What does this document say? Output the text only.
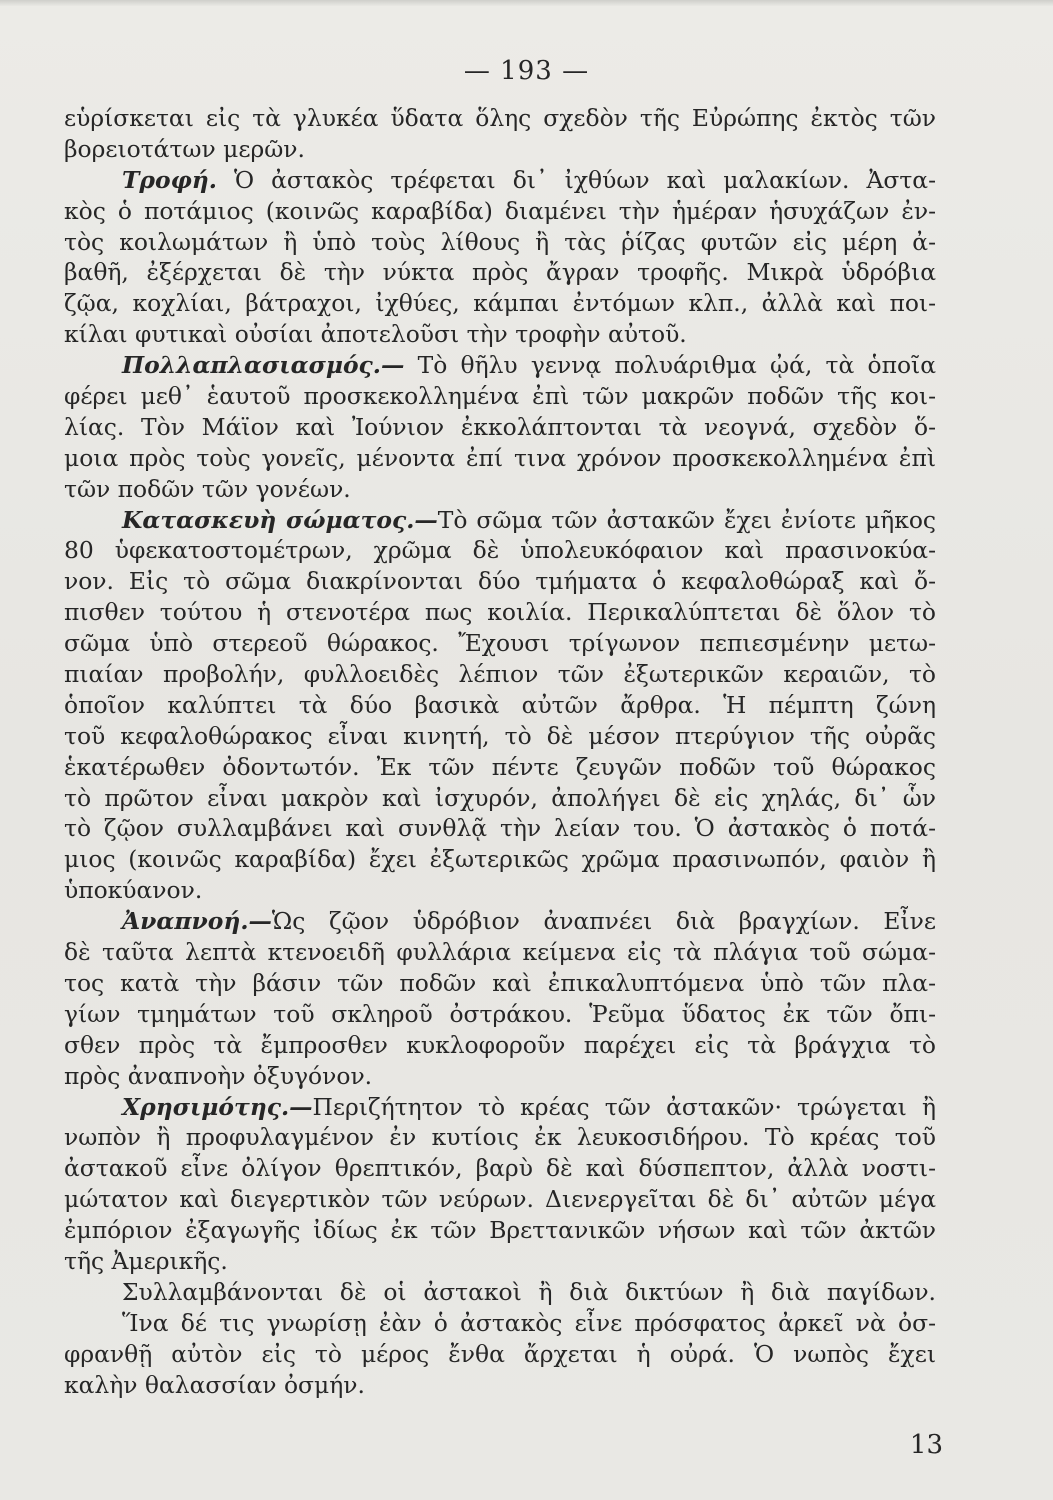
— 193 —
εὑρίσκεται εἰς τὰ γλυκέα ὕδατα ὅλης σχεδὸν τῆς Εὐρώπης ἐκτὸς τῶν
βορειοτάτων μερῶν.
Τροφή. Ὁ ἀστακὸς τρέφεται δι᾽ ἰχθύων καὶ μαλακίων. Ἀστα-
κὸς ὁ ποτάμιος (κοινῶς καραβίδα) διαμένει τὴν ἡμέραν ἡσυχάζων ἐν-
τὸς κοιλωμάτων ἢ ὑπὸ τοὺς λίθους ἢ τὰς ῥίζας φυτῶν εἰς μέρη ἀ-
βαθῆ, ἐξέρχεται δὲ τὴν νύκτα πρὸς ἄγραν τροφῆς. Μικρὰ ὑδρόβια
ζῷα, κοχλίαι, βάτραχοι, ἰχθύες, κάμπαι ἐντόμων κλπ., ἀλλὰ καὶ ποι-
κίλαι φυτικαὶ οὐσίαι ἀποτελοῦσι τὴν τροφὴν αὐτοῦ.
Πολλαπλασιασμός.— Τὸ θῆλυ γεννᾳ πολυάριθμα ᾠά, τὰ ὁποῖα
φέρει μεθ᾽ ἑαυτοῦ προσκεκολλημένα ἐπὶ τῶν μακρῶν ποδῶν τῆς κοι-
λίας. Τὸν Μάϊον καὶ Ἰούνιον ἐκκολάπτονται τὰ νεογνά, σχεδὸν ὅ-
μοια πρὸς τοὺς γονεῖς, μένοντα ἐπί τινα χρόνον προσκεκολλημένα ἐπὶ
τῶν ποδῶν τῶν γονέων.
Κατασκευὴ σώματος.—Τὸ σῶμα τῶν ἀστακῶν ἔχει ἐνίοτε μῆκος
80 ὑφεκατοστομέτρων, χρῶμα δὲ ὑπολευκόφαιον καὶ πρασινοκύα-
νον. Εἰς τὸ σῶμα διακρίνονται δύο τμήματα ὁ κεφαλοθώραξ καὶ ὄ-
πισθεν τούτου ἡ στενοτέρα πως κοιλία. Περικαλύπτεται δὲ ὅλον τὸ
σῶμα ὑπὸ στερεοῦ θώρακος. Ἔχουσι τρίγωνον πεπιεσμένην μετω-
πιαίαν προβολήν, φυλλοειδὲς λέπιον τῶν ἐξωτερικῶν κεραιῶν, τὸ
ὁποῖον καλύπτει τὰ δύο βασικὰ αὐτῶν ἄρθρα. Ἡ πέμπτη ζώνη
τοῦ κεφαλοθώρακος εἶναι κινητή, τὸ δὲ μέσον πτερύγιον τῆς οὐρᾶς
ἑκατέρωθεν ὀδοντωτόν. Ἐκ τῶν πέντε ζευγῶν ποδῶν τοῦ θώρακος
τὸ πρῶτον εἶναι μακρὸν καὶ ἰσχυρόν, ἀπολήγει δὲ εἰς χηλάς, δι᾽ ὧν
τὸ ζῷον συλλαμβάνει καὶ συνθλᾷ τὴν λείαν του. Ὁ ἀστακὸς ὁ ποτά-
μιος (κοινῶς καραβίδα) ἔχει ἐξωτερικῶς χρῶμα πρασινωπόν, φαιὸν ἢ
ὑποκύανον.
Ἀναπνοή.—Ὡς ζῷον ὑδρόβιον ἀναπνέει διὰ βραγχίων. Εἶνε
δὲ ταῦτα λεπτὰ κτενοειδῆ φυλλάρια κείμενα εἰς τὰ πλάγια τοῦ σώμα-
τος κατὰ τὴν βάσιν τῶν ποδῶν καὶ ἐπικαλυπτόμενα ὑπὸ τῶν πλα-
γίων τμημάτων τοῦ σκληροῦ ὀστράκου. Ῥεῦμα ὕδατος ἐκ τῶν ὄπι-
σθεν πρὸς τὰ ἔμπροσθεν κυκλοφοροῦν παρέχει εἰς τὰ βράγχια τὸ
πρὸς ἀναπνοὴν ὀξυγόνον.
Χρησιμότης.—Περιζήτητον τὸ κρέας τῶν ἀστακῶν· τρώγεται ἢ
νωπὸν ἢ προφυλαγμένον ἐν κυτίοις ἐκ λευκοσιδήρου. Τὸ κρέας τοῦ
ἀστακοῦ εἶνε ὀλίγον θρεπτικόν, βαρὺ δὲ καὶ δύσπεπτον, ἀλλὰ νοστι-
μώτατον καὶ διεγερτικὸν τῶν νεύρων. Διενεργεῖται δὲ δι᾽ αὐτῶν μέγα
ἐμπόριον ἐξαγωγῆς ἰδίως ἐκ τῶν Βρεττανικῶν νήσων καὶ τῶν ἀκτῶν
τῆς Ἀμερικῆς.
Συλλαμβάνονται δὲ οἱ ἀστακοὶ ἢ διὰ δικτύων ἢ διὰ παγίδων.
Ἵνα δέ τις γνωρίσῃ ἐὰν ὁ ἀστακὸς εἶνε πρόσφατος ἀρκεῖ νὰ ὀσ-
φρανθῇ αὐτὸν εἰς τὸ μέρος ἔνθα ἄρχεται ἡ οὐρά. Ὁ νωπὸς ἔχει
καλὴν θαλασσίαν ὀσμήν.
13
